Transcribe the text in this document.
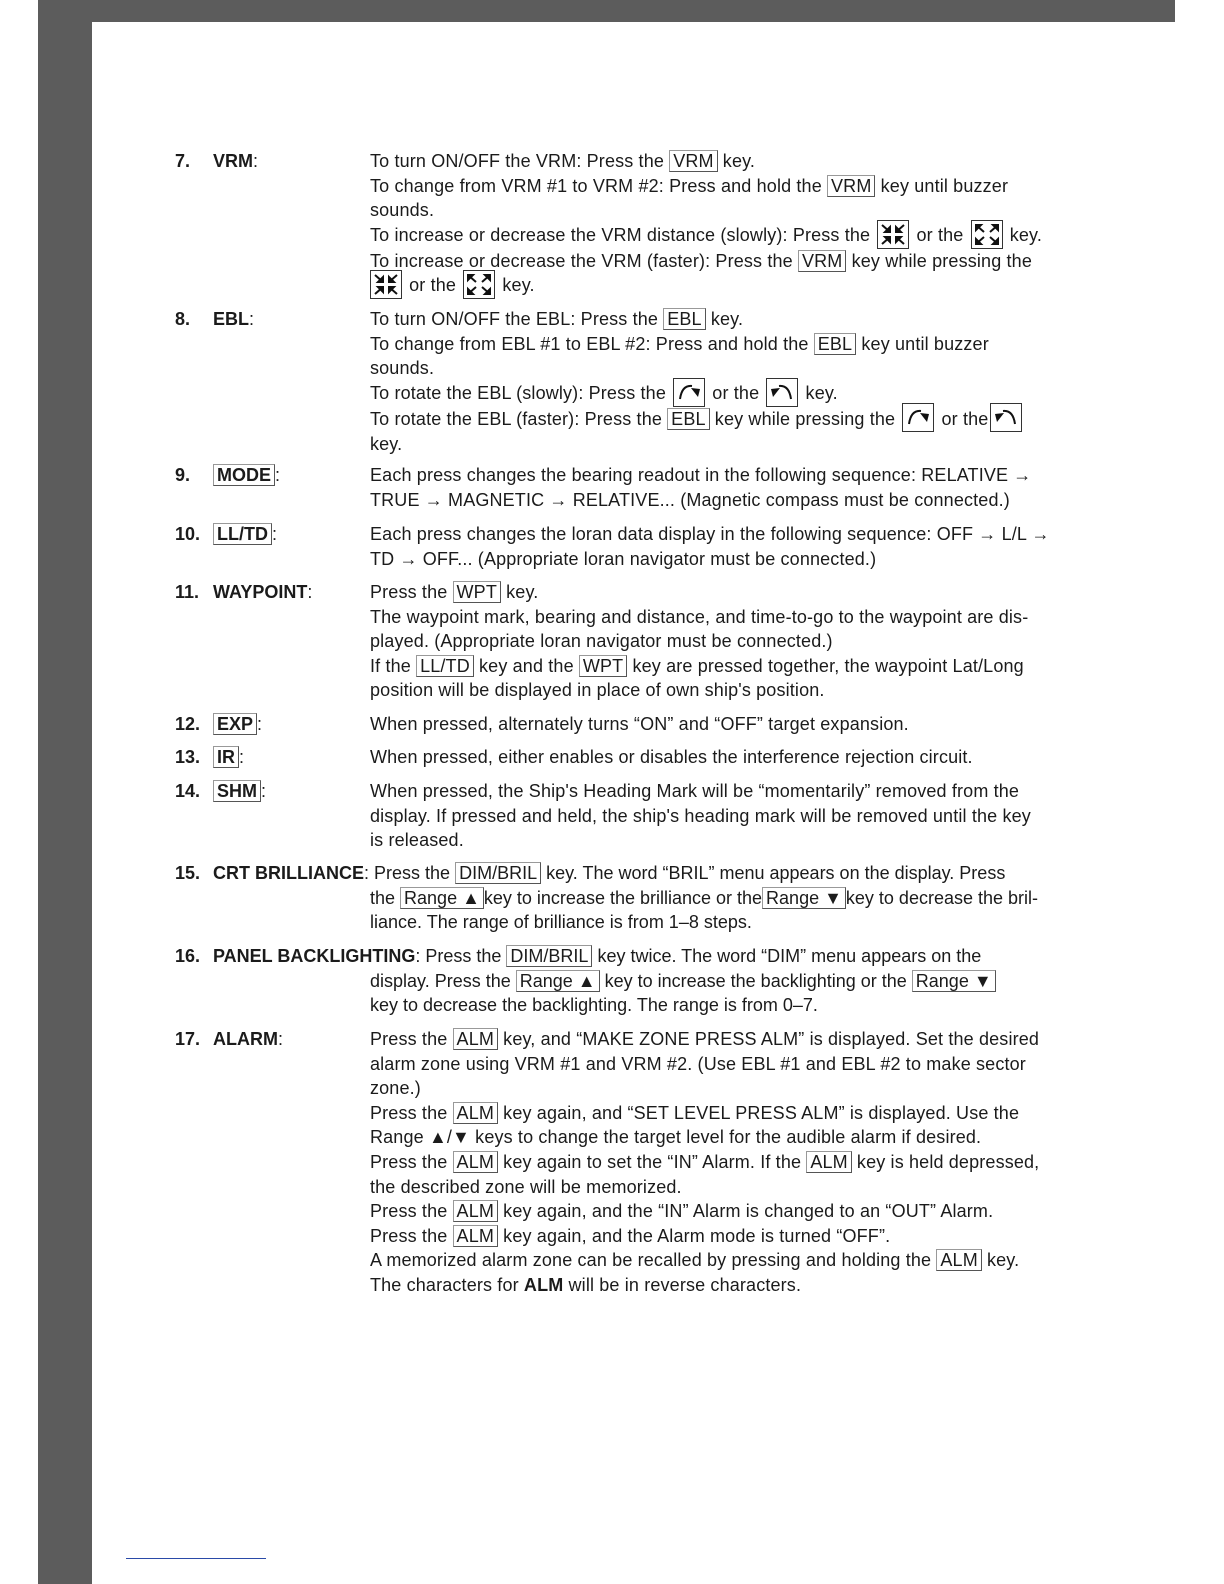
7. VRM:	To turn ON/OFF the VRM: Press the VRM key.
To change from VRM #1 to VRM #2: Press and hold the VRM key until buzzer
sounds.
To increase or decrease the VRM distance (slowly): Press the
or the
key.
To increase or decrease the VRM (faster): Press the VRM key while pressing the
or the
key.
8. EBL:	To turn ON/OFF the EBL: Press the EBL key.
To change from EBL #1 to EBL #2: Press and hold the EBL key until buzzer
sounds.
To rotate the EBL (slowly): Press the
or the
key.
To rotate the EBL (faster): Press the EBL key while pressing the
or the
key.
9. MODE :	Each press changes the bearing readout in the following sequence: RELATIVE →
TRUE → MAGNETIC → RELATIVE... (Magnetic compass must be connected.)
10. LL/TD :	Each press changes the loran data display in the following sequence: OFF → L/L →
TD → OFF... (Appropriate loran navigator must be connected.)
11. WAYPOINT:	Press the WPT key.
The waypoint mark, bearing and distance, and time-to-go to the waypoint are dis-
played. (Appropriate loran navigator must be connected.)
If the LL/TD key and the WPT key are pressed together, the waypoint Lat/Long
position will be displayed in place of own ship's position.
12. EXP :	When pressed, alternately turns “ON” and “OFF” target expansion.
13. IR :	When pressed, either enables or disables the interference rejection circuit.
14. SHM :	When pressed, the Ship's Heading Mark will be “momentarily” removed from the
display. If pressed and held, the ship's heading mark will be removed until the key
is released.
15. CRT BRILLIANCE: Press the DIM/BRIL key. The word “BRIL” menu appears on the display. Press
the Range ▲ key to increase the brilliance or the Range ▼ key to decrease the bril-
liance. The range of brilliance is from 1–8 steps.
16. PANEL BACKLIGHTING: Press the DIM/BRIL key twice. The word “DIM” menu appears on the
display. Press the Range ▲ key to increase the backlighting or the Range ▼
key to decrease the backlighting. The range is from 0–7.
17. ALARM:	Press the ALM key, and “MAKE ZONE PRESS ALM” is displayed. Set the desired
alarm zone using VRM #1 and VRM #2. (Use EBL #1 and EBL #2 to make sector
zone.)
Press the ALM key again, and “SET LEVEL PRESS ALM” is displayed. Use the
Range ▲/▼ keys to change the target level for the audible alarm if desired.
Press the ALM key again to set the “IN” Alarm. If the ALM key is held depressed,
the described zone will be memorized.
Press the ALM key again, and the “IN” Alarm is changed to an “OUT” Alarm.
Press the ALM key again, and the Alarm mode is turned “OFF”.
A memorized alarm zone can be recalled by pressing and holding the ALM key.
The characters for ALM will be in reverse characters.
